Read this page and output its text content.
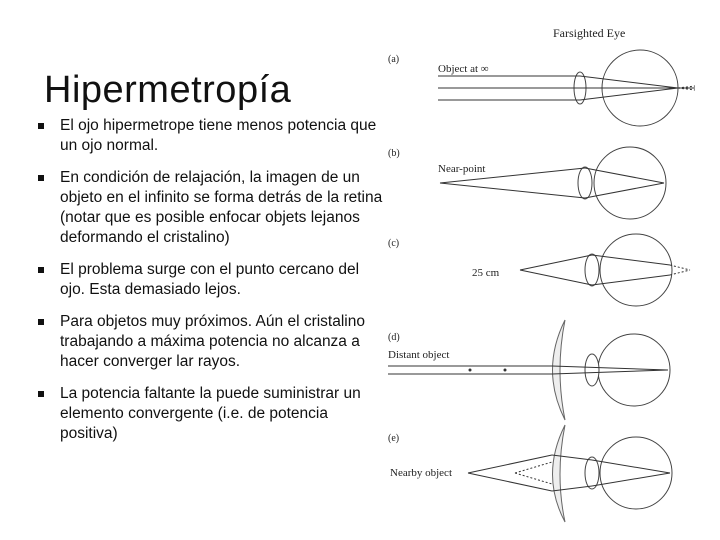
Hipermetropía
El ojo hipermetrope tiene menos potencia que un ojo normal.
En condición de relajación, la imagen de un objeto en el infinito se forma detrás de la retina (notar que es posible enfocar objets lejanos deformando el cristalino)
El problema surge con el punto cercano del ojo. Esta demasiado lejos.
Para objetos muy próximos. Aún el cristalino trabajando a máxima potencia no alcanza a hacer converger lar rayos.
La potencia faltante la puede suministrar un elemento convergente (i.e. de potencia positiva)
Farsighted Eye
(a)
Object at ∞
(b)
Near-point
(c)
25 cm
(d)
Distant object
(e)
Nearby object
